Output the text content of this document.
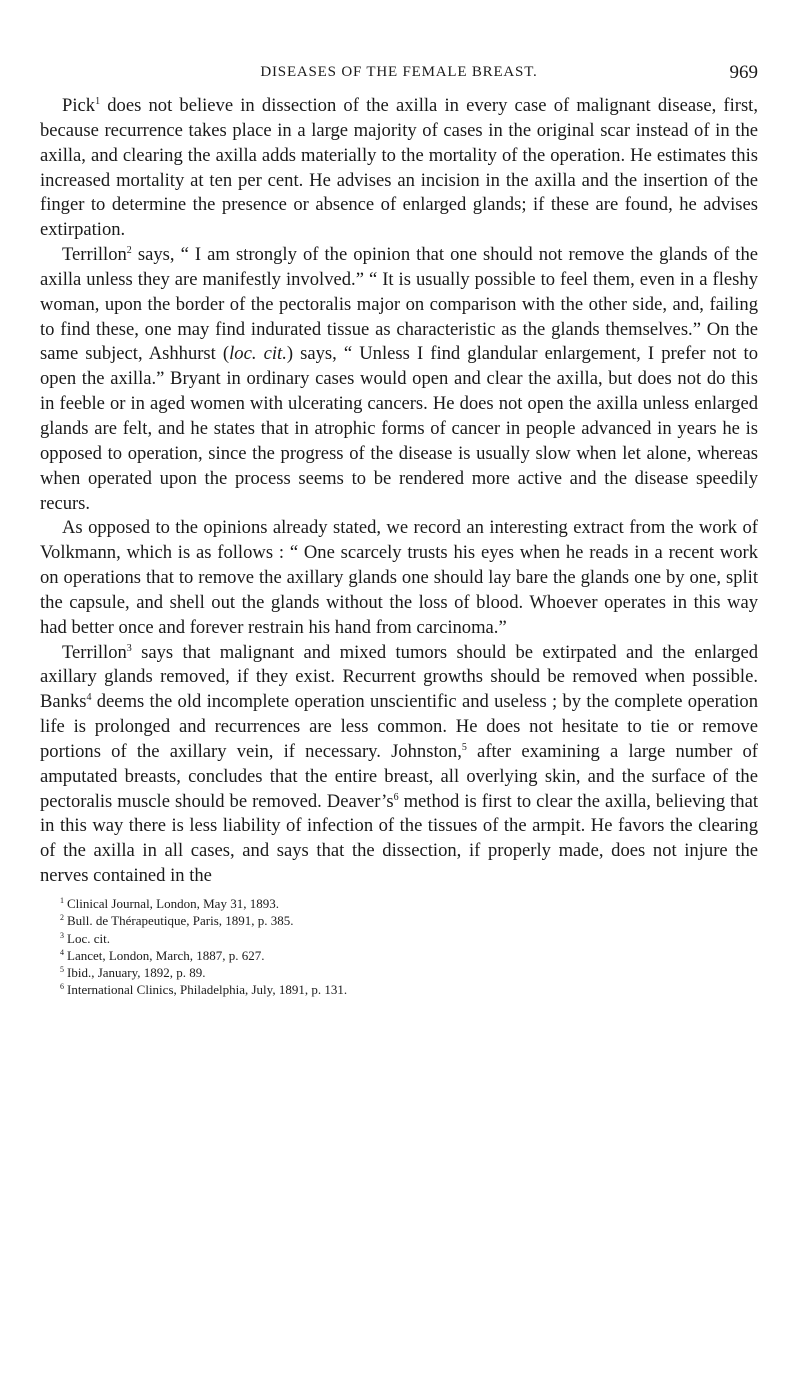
DISEASES OF THE FEMALE BREAST.	969

Pick$^1$ does not believe in dissection of the axilla in every case of malignant disease, first, because recurrence takes place in a large majority of cases in the original scar instead of in the axilla, and clearing the axilla adds materially to the mortality of the operation. He estimates this increased mortality at ten per cent. He advises an incision in the axilla and the insertion of the finger to determine the presence or absence of enlarged glands; if these are found, he advises extirpation.

Terrillon$^2$ says, “ I am strongly of the opinion that one should not remove the glands of the axilla unless they are manifestly involved.” “ It is usually possible to feel them, even in a fleshy woman, upon the border of the pectoralis major on comparison with the other side, and, failing to find these, one may find indurated tissue as characteristic as the glands themselves.” On the same subject, Ashhurst (loc. cit.) says, “ Unless I find glandular enlargement, I prefer not to open the axilla.” Bryant in ordinary cases would open and clear the axilla, but does not do this in feeble or in aged women with ulcerating cancers. He does not open the axilla unless enlarged glands are felt, and he states that in atrophic forms of cancer in people advanced in years he is opposed to operation, since the progress of the disease is usually slow when let alone, whereas when operated upon the process seems to be rendered more active and the disease speedily recurs.

As opposed to the opinions already stated, we record an interesting extract from the work of Volkmann, which is as follows : “ One scarcely trusts his eyes when he reads in a recent work on operations that to remove the axillary glands one should lay bare the glands one by one, split the capsule, and shell out the glands without the loss of blood. Whoever operates in this way had better once and forever restrain his hand from carcinoma.”

Terrillon$^3$ says that malignant and mixed tumors should be extirpated and the enlarged axillary glands removed, if they exist. Recurrent growths should be removed when possible. Banks$^4$ deems the old incomplete operation unscientific and useless ; by the complete operation life is prolonged and recurrences are less common. He does not hesitate to tie or remove portions of the axillary vein, if necessary. Johnston,$^5$ after examining a large number of amputated breasts, concludes that the entire breast, all overlying skin, and the surface of the pectoralis muscle should be removed. $Deaver’s^6$ method is first to clear the axilla, believing that in this way there is less liability of infection of the tissues of the armpit. He favors the clearing of the axilla in all cases, and says that the dissection, if properly made, does not injure the nerves contained in the

$^1$ Clinical Journal, London, May 31, 1893.
$^2$ Bull. de Thérapeutique, Paris, 1891, p. 385.
$^3$ Loc. cit.
$^4$ Lancet, London, March, 1887, p. 627.
$^5$ Ibid., January, 1892, p. 89.
$^6$ International Clinics, Philadelphia, July, 1891, p. 131.
